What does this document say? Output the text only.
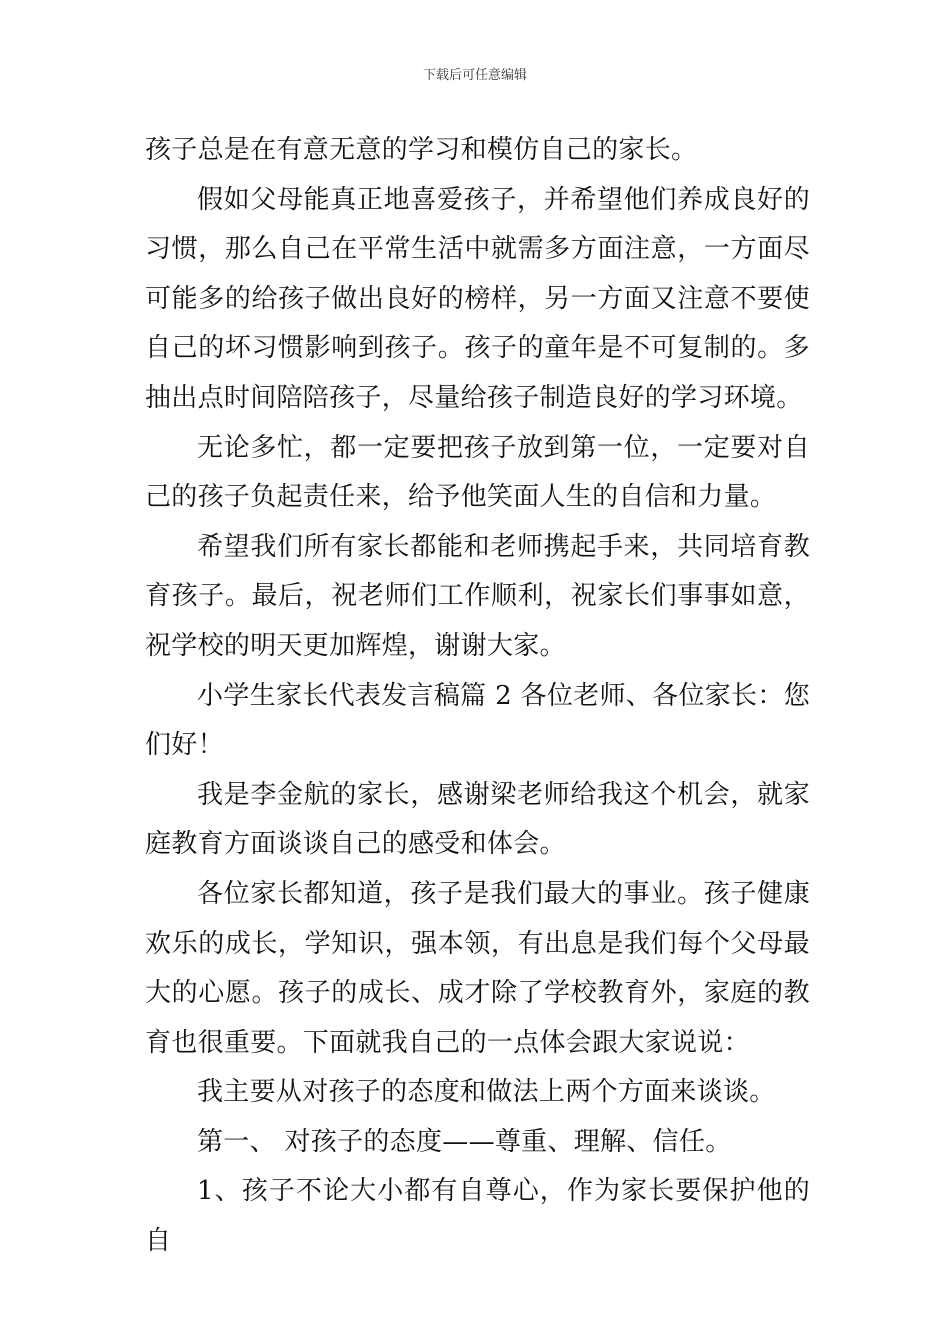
下载后可任意编辑

孩子总是在有意无意的学习和模仿自己的家长。

假如父母能真正地喜爱孩子，并希望他们养成良好的习惯，那么自己在平常生活中就需多方面注意，一方面尽可能多的给孩子做出良好的榜样，另一方面又注意不要使自己的坏习惯影响到孩子。孩子的童年是不可复制的。多抽出点时间陪陪孩子，尽量给孩子制造良好的学习环境。

无论多忙，都一定要把孩子放到第一位，一定要对自己的孩子负起责任来，给予他笑面人生的自信和力量。

希望我们所有家长都能和老师携起手来，共同培育教育孩子。最后，祝老师们工作顺利，祝家长们事事如意，祝学校的明天更加辉煌，谢谢大家。

小学生家长代表发言稿篇 2 各位老师、各位家长：您们好！

我是李金航的家长，感谢梁老师给我这个机会，就家庭教育方面谈谈自己的感受和体会。

各位家长都知道，孩子是我们最大的事业。孩子健康欢乐的成长，学知识，强本领，有出息是我们每个父母最大的心愿。孩子的成长、成才除了学校教育外，家庭的教育也很重要。下面就我自己的一点体会跟大家说说：

我主要从对孩子的态度和做法上两个方面来谈谈。

第一、 对孩子的态度——尊重、理解、信任。

1、孩子不论大小都有自尊心，作为家长要保护他的自
